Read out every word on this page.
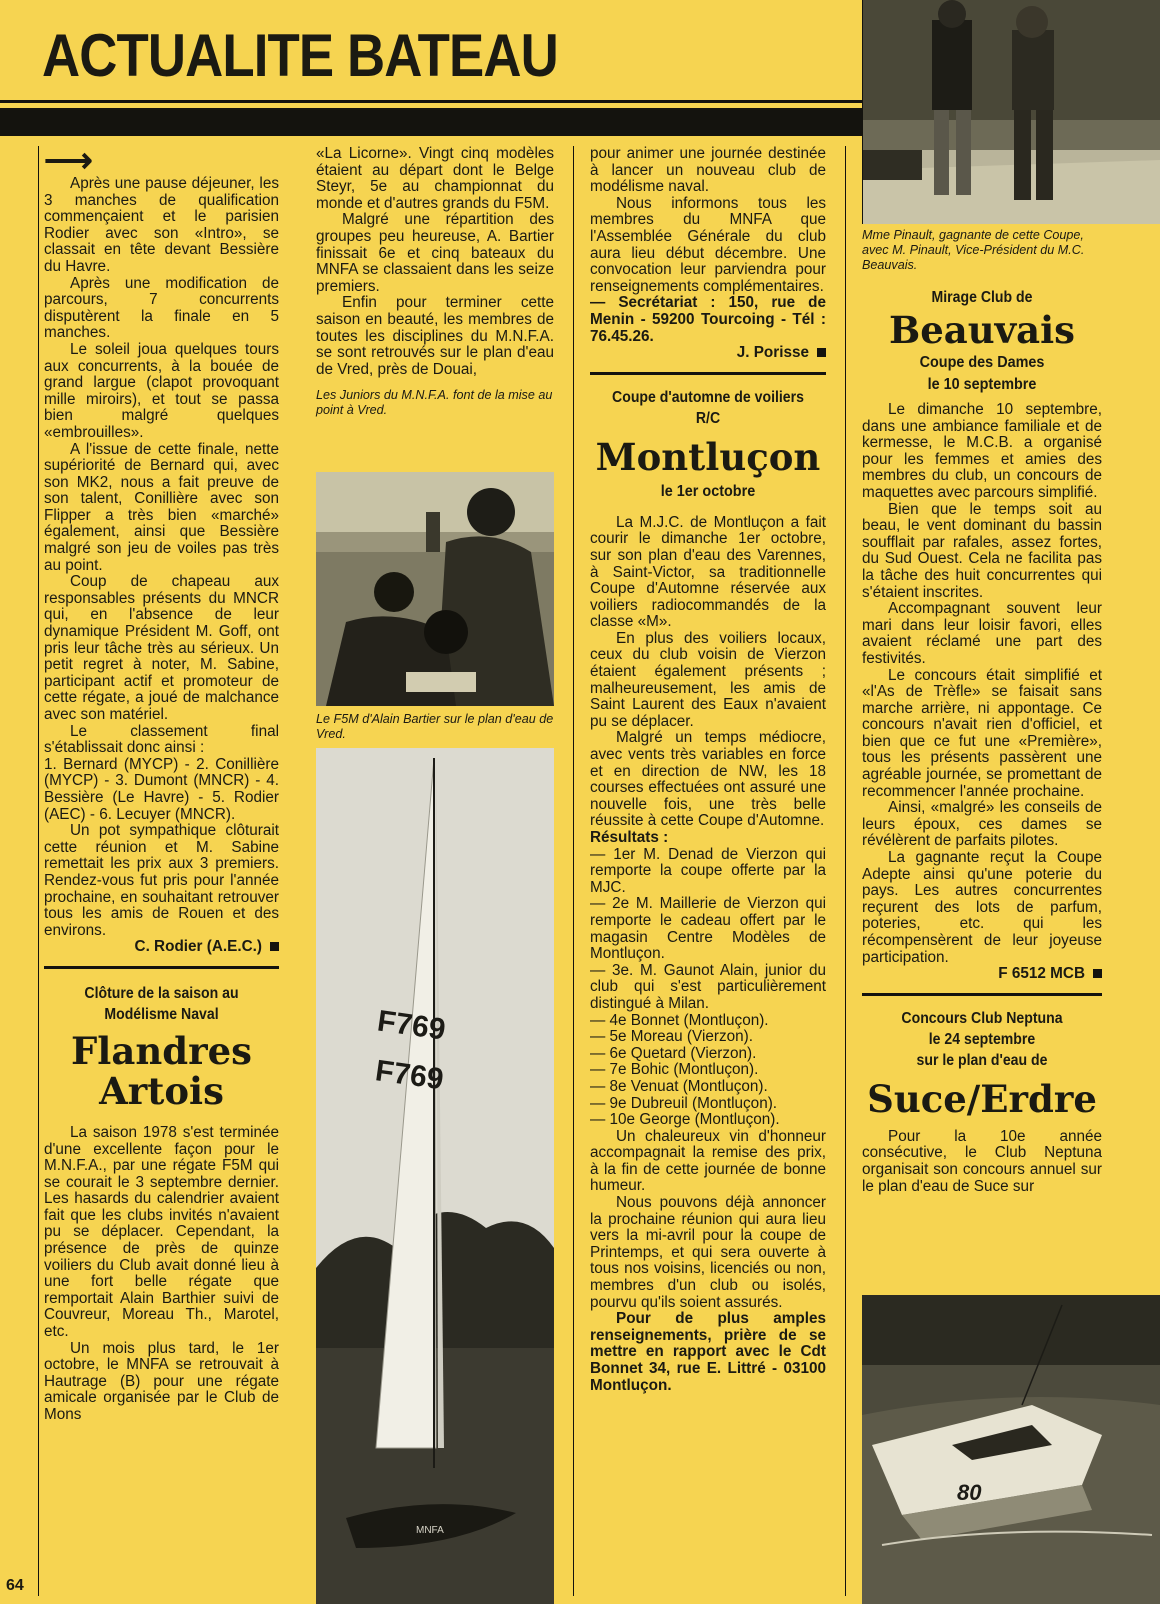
ACTUALITE BATEAU
⟶

Après une pause déjeuner, les 3 manches de qualification commençaient et le parisien Rodier avec son «Intro», se classait en tête devant Bessière du Havre.

Après une modification de parcours, 7 concurrents disputèrent la finale en 5 manches.

Le soleil joua quelques tours aux concurrents, à la bouée de grand largue (clapot provoquant mille miroirs), et tout se passa bien malgré quelques «embrouilles».

A l'issue de cette finale, nette supériorité de Bernard qui, avec son MK2, nous a fait preuve de son talent, Conillière avec son Flipper a très bien «marché» également, ainsi que Bessière malgré son jeu de voiles pas très au point.

Coup de chapeau aux responsables présents du MNCR qui, en l'absence de leur dynamique Président M. Goff, ont pris leur tâche très au sérieux. Un petit regret à noter, M. Sabine, participant actif et promoteur de cette régate, a joué de malchance avec son matériel.

Le classement final s'établissait donc ainsi :

1. Bernard (MYCP) - 2. Conillière (MYCP) - 3. Dumont (MNCR) - 4. Bessière (Le Havre) - 5. Rodier (AEC) - 6. Lecuyer (MNCR).

Un pot sympathique clôturait cette réunion et M. Sabine remettait les prix aux 3 premiers. Rendez-vous fut pris pour l'année prochaine, en souhaitant retrouver tous les amis de Rouen et des environs.

C. Rodier (A.E.C.)

Clôture de la saison au Modélisme Naval
Flandres Artois

La saison 1978 s'est terminée d'une excellente façon pour le M.N.F.A., par une régate F5M qui se courait le 3 septembre dernier. Les hasards du calendrier avaient fait que les clubs invités n'avaient pu se déplacer. Cependant, la présence de près de quinze voiliers du Club avait donné lieu à une fort belle régate que remportait Alain Barthier suivi de Couvreur, Moreau Th., Marotel, etc.

Un mois plus tard, le 1er octobre, le MNFA se retrouvait à Hautrage (B) pour une régate amicale organisée par le Club de Mons

64

«La Licorne». Vingt cinq modèles étaient au départ dont le Belge Steyr, 5e au championnat du monde et d'autres grands du F5M.

Malgré une répartition des groupes peu heureuse, A. Bartier finissait 6e et cinq bateaux du MNFA se classaient dans les seize premiers.

Enfin pour terminer cette saison en beauté, les membres de toutes les disciplines du M.N.F.A. se sont retrouvés sur le plan d'eau de Vred, près de Douai,

Les Juniors du M.N.F.A. font de la mise au point à Vred.
Le F5M d'Alain Bartier sur le plan d'eau de Vred.
F769
F769
MNFA

pour animer une journée destinée à lancer un nouveau club de modélisme naval.

Nous informons tous les membres du MNFA que l'Assemblée Générale du club aura lieu début décembre. Une convocation leur parviendra pour renseignements complémentaires.

— Secrétariat : 150, rue de Menin - 59200 Tourcoing - Tél : 76.45.26.

J. Porisse

Coupe d'automne de voiliers R/C
Montluçon
le 1er octobre

La M.J.C. de Montluçon a fait courir le dimanche 1er octobre, sur son plan d'eau des Varennes, à Saint-Victor, sa traditionnelle Coupe d'Automne réservée aux voiliers radiocommandés de la classe «M».

En plus des voiliers locaux, ceux du club voisin de Vierzon étaient également présents ; malheureusement, les amis de Saint Laurent des Eaux n'avaient pu se déplacer.

Malgré un temps médiocre, avec vents très variables en force et en direction de NW, les 18 courses effectuées ont assuré une nouvelle fois, une très belle réussite à cette Coupe d'Automne.

Résultats :

— 1er M. Denad de Vierzon qui remporte la coupe offerte par la MJC.

— 2e M. Maillerie de Vierzon qui remporte le cadeau offert par le magasin Centre Modèles de Montluçon.

— 3e. M. Gaunot Alain, junior du club qui s'est particulièrement distingué à Milan.

— 4e Bonnet (Montluçon).

— 5e Moreau (Vierzon).

— 6e Quetard (Vierzon).

— 7e Bohic (Montluçon).

— 8e Venuat (Montluçon).

— 9e Dubreuil (Montluçon).

— 10e George (Montluçon).

Un chaleureux vin d'honneur accompagnait la remise des prix, à la fin de cette journée de bonne humeur.

Nous pouvons déjà annoncer la prochaine réunion qui aura lieu vers la mi-avril pour la coupe de Printemps, et qui sera ouverte à tous nos voisins, licenciés ou non, membres d'un club ou isolés, pourvu qu'ils soient assurés.

Pour de plus amples renseignements, prière de se mettre en rapport avec le Cdt Bonnet 34, rue E. Littré - 03100 Montluçon.

Mme Pinault, gagnante de cette Coupe, avec M. Pinault, Vice-Président du M.C. Beauvais.
Mirage Club de
Beauvais
Coupe des Dames
le 10 septembre

Le dimanche 10 septembre, dans une ambiance familiale et de kermesse, le M.C.B. a organisé pour les femmes et amies des membres du club, un concours de maquettes avec parcours simplifié.

Bien que le temps soit au beau, le vent dominant du bassin soufflait par rafales, assez fortes, du Sud Ouest. Cela ne facilita pas la tâche des huit concurrentes qui s'étaient inscrites.

Accompagnant souvent leur mari dans leur loisir favori, elles avaient réclamé une part des festivités.

Le concours était simplifié et «l'As de Trèfle» se faisait sans marche arrière, ni appontage. Ce concours n'avait rien d'officiel, et bien que ce fut une «Première», tous les présents passèrent une agréable journée, se promettant de recommencer l'année prochaine.

Ainsi, «malgré» les conseils de leurs époux, ces dames se révélèrent de parfaits pilotes.

La gagnante reçut la Coupe Adepte ainsi qu'une poterie du pays. Les autres concurrentes reçurent des lots de parfum, poteries, etc. qui les récompensèrent de leur joyeuse participation.

F 6512 MCB

Concours Club Neptuna
le 24 septembre
sur le plan d'eau de
Suce/Erdre

Pour la 10e année consécutive, le Club Neptuna organisait son concours annuel sur le plan d'eau de Suce sur

80
